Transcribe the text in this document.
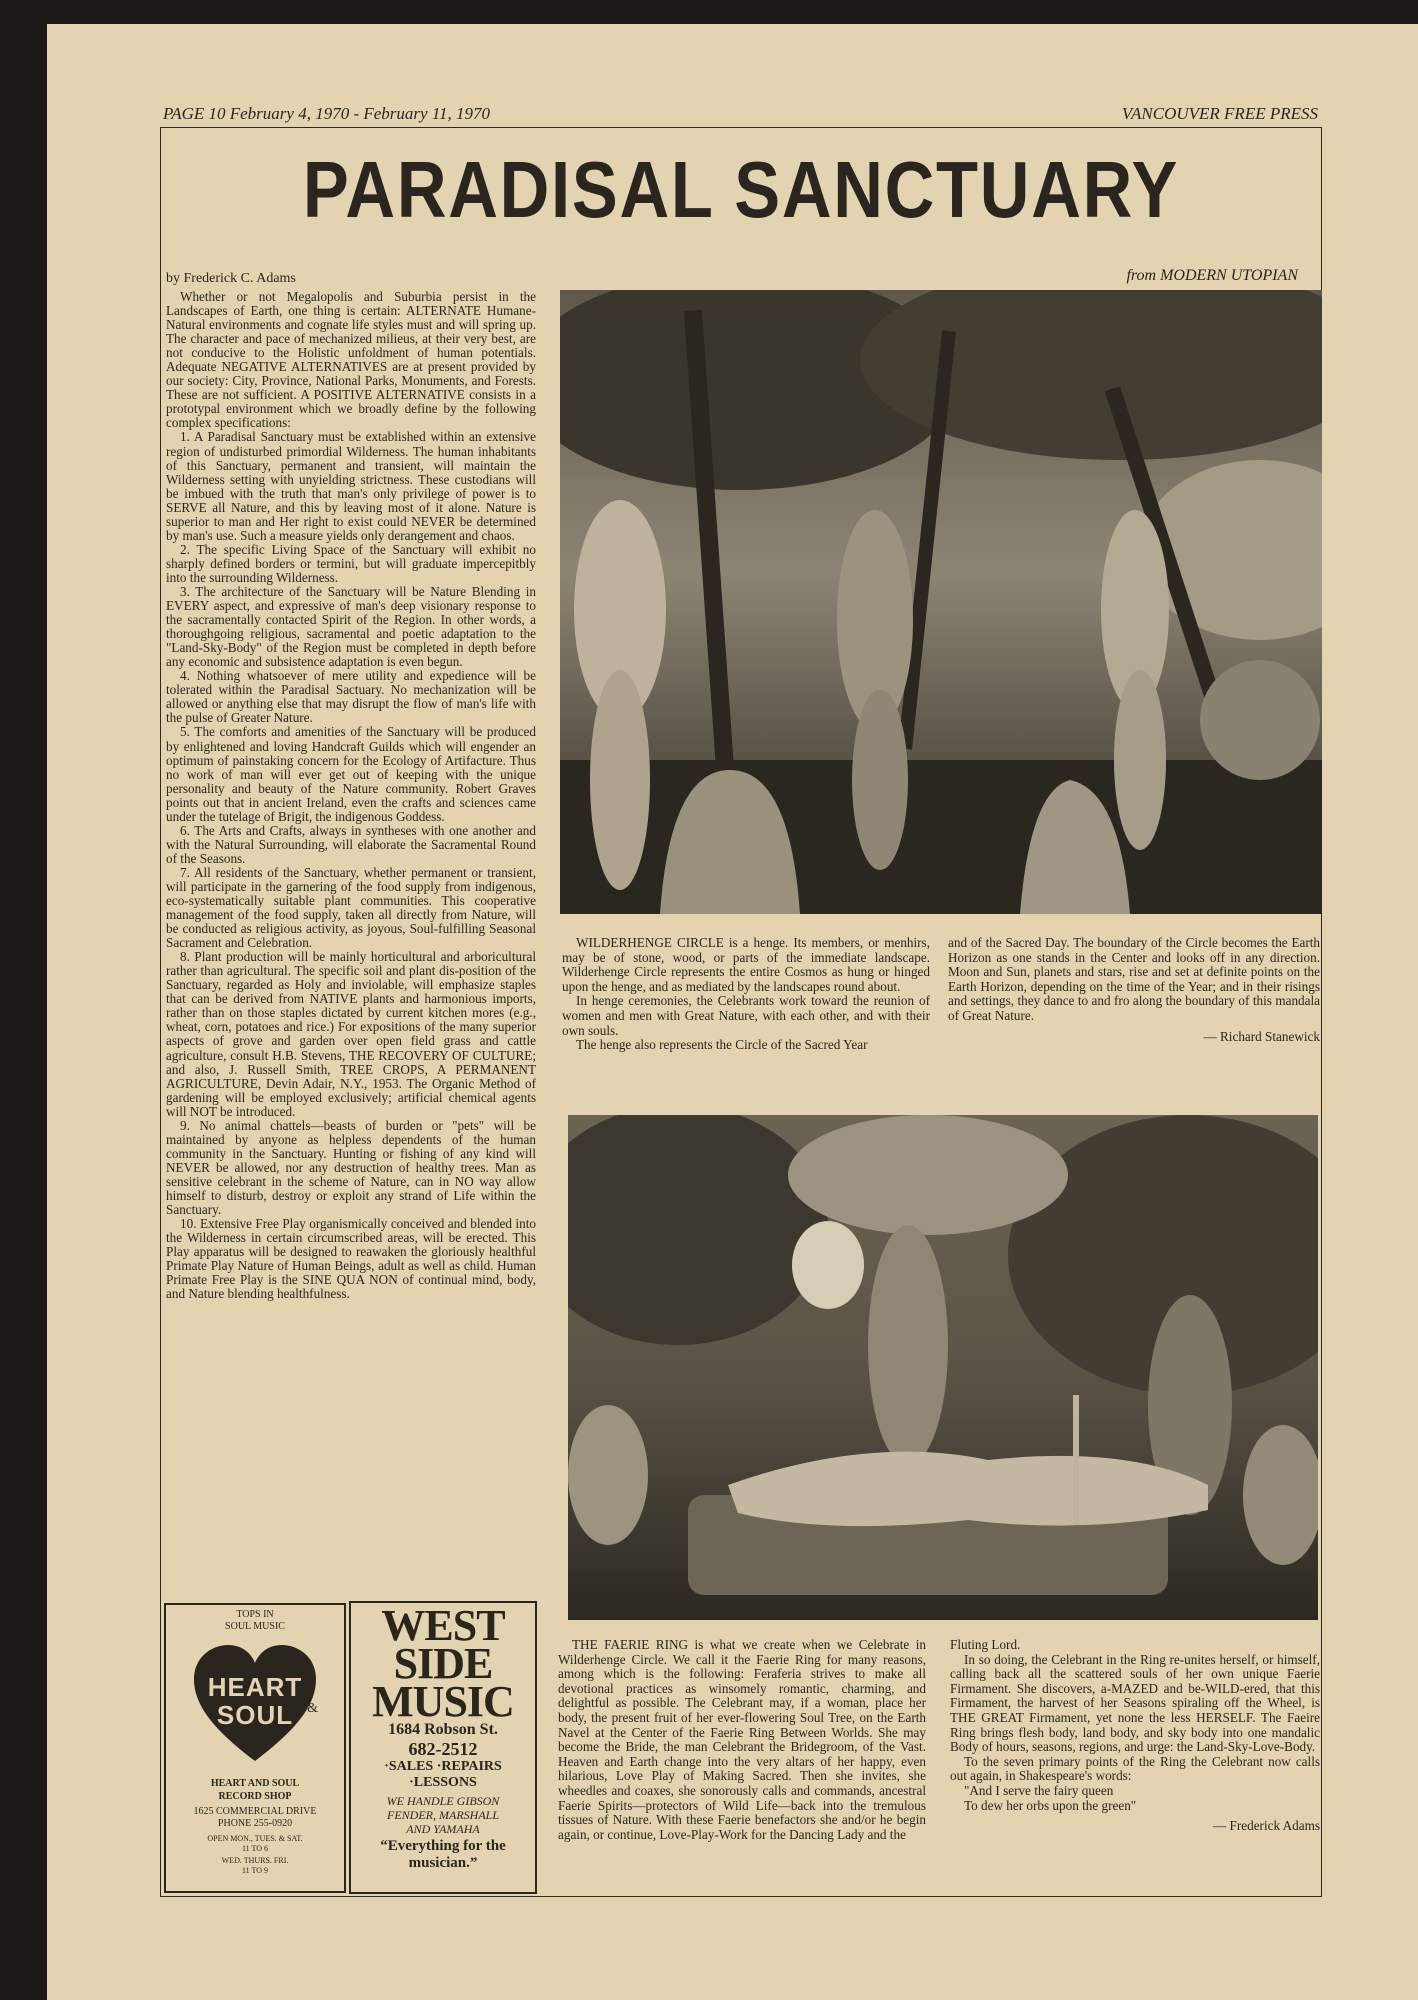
PAGE 10 February 4, 1970 - February 11, 1970	VANCOUVER FREE PRESS
PARADISAL SANCTUARY
by Frederick C. Adams	from MODERN UTOPIAN

Whether or not Megalopolis and Suburbia persist in the Landscapes of Earth, one thing is certain: ALTERNATE Humane-Natural environments and cognate life styles must and will spring up. The character and pace of mechanized milieus, at their very best, are not conducive to the Holistic unfoldment of human potentials. Adequate NEGATIVE ALTERNATIVES are at present provided by our society: City, Province, National Parks, Monuments, and Forests. These are not sufficient. A POSITIVE ALTERNATIVE consists in a prototypal environment which we broadly define by the following complex specifications:

1. A Paradisal Sanctuary must be extablished within an extensive region of undisturbed primordial Wilderness. The human inhabitants of this Sanctuary, permanent and transient, will maintain the Wilderness setting with unyielding strictness. These custodians will be imbued with the truth that man's only privilege of power is to SERVE all Nature, and this by leaving most of it alone. Nature is superior to man and Her right to exist could NEVER be determined by man's use. Such a measure yields only derangement and chaos.

2. The specific Living Space of the Sanctuary will exhibit no sharply defined borders or termini, but will graduate impercepitbly into the surrounding Wilderness.

3. The architecture of the Sanctuary will be Nature Blending in EVERY aspect, and expressive of man's deep visionary response to the sacramentally contacted Spirit of the Region. In other words, a thoroughgoing religious, sacramental and poetic adaptation to the "Land-Sky-Body" of the Region must be completed in depth before any economic and subsistence adaptation is even begun.

4. Nothing whatsoever of mere utility and expedience will be tolerated within the Paradisal Sactuary. No mechanization will be allowed or anything else that may disrupt the flow of man's life with the pulse of Greater Nature.

5. The comforts and amenities of the Sanctuary will be produced by enlightened and loving Handcraft Guilds which will engender an optimum of painstaking concern for the Ecology of Artifacture. Thus no work of man will ever get out of keeping with the unique personality and beauty of the Nature community. Robert Graves points out that in ancient Ireland, even the crafts and sciences came under the tutelage of Brigit, the indigenous Goddess.

6. The Arts and Crafts, always in syntheses with one another and with the Natural Surrounding, will elaborate the Sacramental Round of the Seasons.

7. All residents of the Sanctuary, whether permanent or transient, will participate in the garnering of the food supply from indigenous, eco-systematically suitable plant communities. This cooperative management of the food supply, taken all directly from Nature, will be conducted as religious activity, as joyous, Soul-fulfilling Seasonal Sacrament and Celebration.

8. Plant production will be mainly horticultural and arboricultural rather than agricultural. The specific soil and plant dis-position of the Sanctuary, regarded as Holy and inviolable, will emphasize staples that can be derived from NATIVE plants and harmonious imports, rather than on those staples dictated by current kitchen mores (e.g., wheat, corn, potatoes and rice.) For expositions of the many superior aspects of grove and garden over open field grass and cattle agriculture, consult H.B. Stevens, THE RECOVERY OF CULTURE; and also, J. Russell Smith, TREE CROPS, A PERMANENT AGRICULTURE, Devin Adair, N.Y., 1953. The Organic Method of gardening will be employed exclusively; artificial chemical agents will NOT be introduced.

9. No animal chattels—beasts of burden or "pets" will be maintained by anyone as helpless dependents of the human community in the Sanctuary. Hunting or fishing of any kind will NEVER be allowed, nor any destruction of healthy trees. Man as sensitive celebrant in the scheme of Nature, can in NO way allow himself to disturb, destroy or exploit any strand of Life within the Sanctuary.

10. Extensive Free Play organismically conceived and blended into the Wilderness in certain circumscribed areas, will be erected. This Play apparatus will be designed to reawaken the gloriously healthful Primate Play Nature of Human Beings, adult as well as child. Human Primate Free Play is the SINE QUA NON of continual mind, body, and Nature blending healthfulness.

WILDERHENGE CIRCLE is a henge. Its members, or menhirs, may be of stone, wood, or parts of the immediate landscape. Wilderhenge Circle represents the entire Cosmos as hung or hinged upon the henge, and as mediated by the landscapes round about.

In henge ceremonies, the Celebrants work toward the reunion of women and men with Great Nature, with each other, and with their own souls.

The henge also represents the Circle of the Sacred Year

and of the Sacred Day. The boundary of the Circle becomes the Earth Horizon as one stands in the Center and looks off in any direction. Moon and Sun, planets and stars, rise and set at definite points on the Earth Horizon, depending on the time of the Year; and in their risings and settings, they dance to and fro along the boundary of this mandala of Great Nature.

— Richard Stanewick

THE FAERIE RING is what we create when we Celebrate in Wilderhenge Circle. We call it the Faerie Ring for many reasons, among which is the following: Feraferia strives to make all devotional practices as winsomely romantic, charming, and delightful as possible. The Celebrant may, if a woman, place her body, the present fruit of her ever-flowering Soul Tree, on the Earth Navel at the Center of the Faerie Ring Between Worlds. She may become the Bride, the man Celebrant the Bridegroom, of the Vast. Heaven and Earth change into the very altars of her happy, even hilarious, Love Play of Making Sacred. Then she invites, she wheedles and coaxes, she sonorously calls and commands, ancestral Faerie Spirits—protectors of Wild Life—back into the tremulous tissues of Nature. With these Faerie benefactors she and/or he begin again, or continue, Love-Play-Work for the Dancing Lady and the

Fluting Lord.

In so doing, the Celebrant in the Ring re-unites herself, or himself, calling back all the scattered souls of her own unique Faerie Firmament. She discovers, a-MAZED and be-WILD-ered, that this Firmament, the harvest of her Seasons spiraling off the Wheel, is THE GREAT Firmament, yet none the less HERSELF. The Faeire Ring brings flesh body, land body, and sky body into one mandalic Body of hours, seasons, regions, and urge: the Land-Sky-Love-Body.

To the seven primary points of the Ring the Celebrant now calls out again, in Shakespeare's words:

"And I serve the fairy queen

To dew her orbs upon the green"

— Frederick Adams

TOPS IN
SOUL MUSIC
HEART
SOUL	&
HEART AND SOUL
RECORD SHOP
1625 COMMERCIAL DRIVE
PHONE 255-0920
OPEN MON., TUES. & SAT.
11 TO 6
WED. THURS. FRI.
11 TO 9
WEST
SIDE
MUSIC
1684 Robson St.
682-2512
·SALES ·REPAIRS
·LESSONS
WE HANDLE GIBSON
FENDER, MARSHALL
AND YAMAHA
“Everything for the
musician.”
